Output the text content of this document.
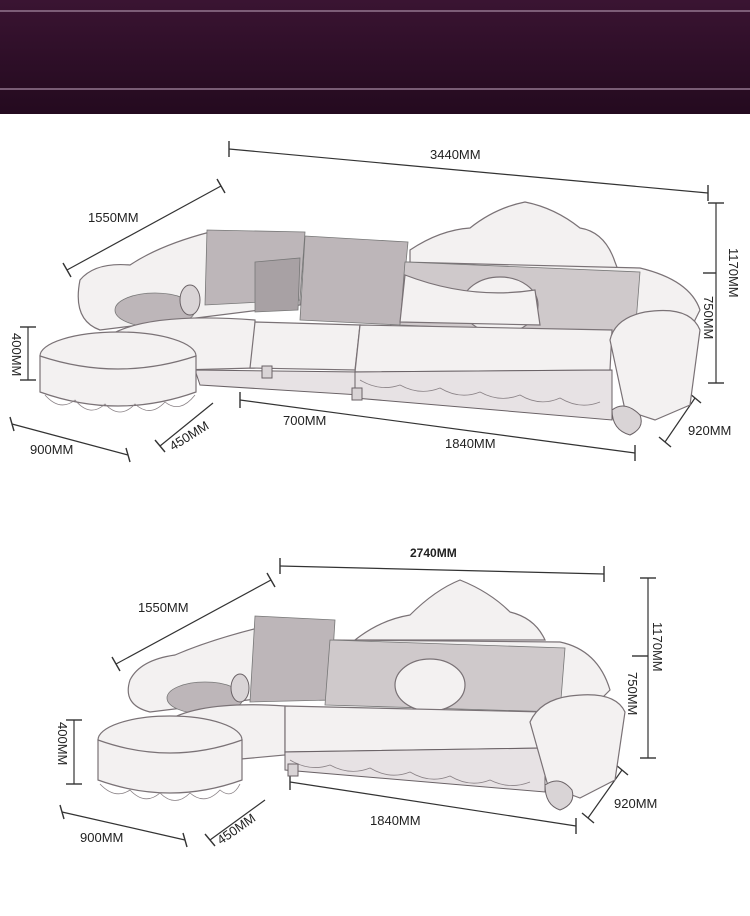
3440MM
1550MM
1170MM
750MM
400MM
900MM	450MM	700MM
1840MM
920MM
2740MM
1550MM
1170MM
750MM
400MM
900MM	450MM	1840MM
920MM
